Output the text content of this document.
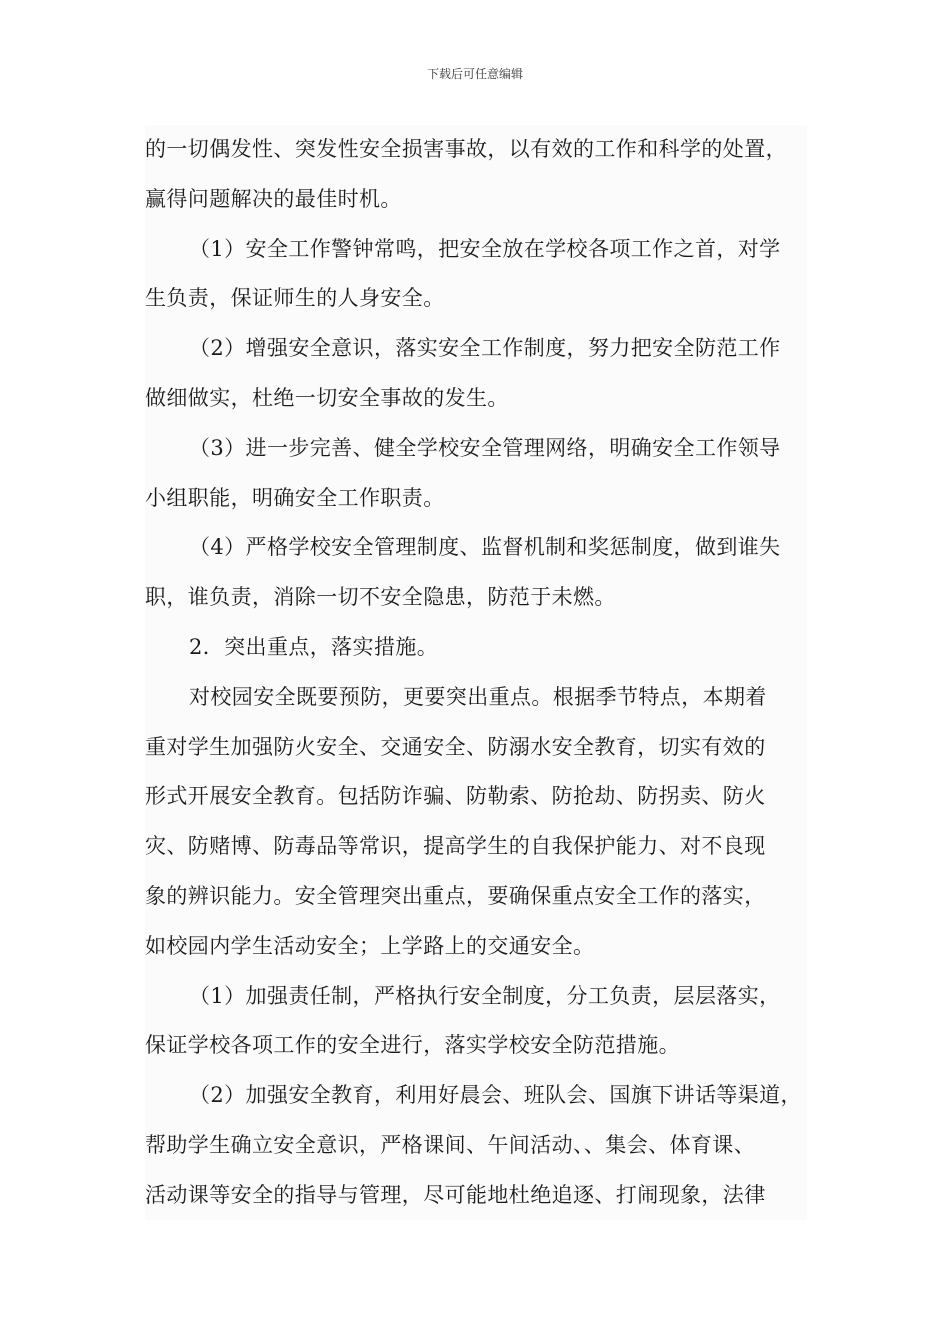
下载后可任意编辑

的一切偶发性、突发性安全损害事故，以有效的工作和科学的处置，
赢得问题解决的最佳时机。

（1）安全工作警钟常鸣，把安全放在学校各项工作之首，对学
生负责，保证师生的人身安全。

（2）增强安全意识，落实安全工作制度，努力把安全防范工作
做细做实，杜绝一切安全事故的发生。

（3）进一步完善、健全学校安全管理网络，明确安全工作领导
小组职能，明确安全工作职责。

（4）严格学校安全管理制度、监督机制和奖惩制度，做到谁失
职，谁负责，消除一切不安全隐患，防范于未燃。

2．突出重点，落实措施。

对校园安全既要预防，更要突出重点。根据季节特点，本期着
重对学生加强防火安全、交通安全、防溺水安全教育，切实有效的
形式开展安全教育。包括防诈骗、防勒索、防抢劫、防拐卖、防火
灾、防赌博、防毒品等常识，提高学生的自我保护能力、对不良现
象的辨识能力。安全管理突出重点，要确保重点安全工作的落实，
如校园内学生活动安全；上学路上的交通安全。

（1）加强责任制，严格执行安全制度，分工负责，层层落实，
保证学校各项工作的安全进行，落实学校安全防范措施。

（2）加强安全教育，利用好晨会、班队会、国旗下讲话等渠道，
帮助学生确立安全意识，严格课间、午间活动、、集会、体育课、
活动课等安全的指导与管理，尽可能地杜绝追逐、打闹现象，法律
